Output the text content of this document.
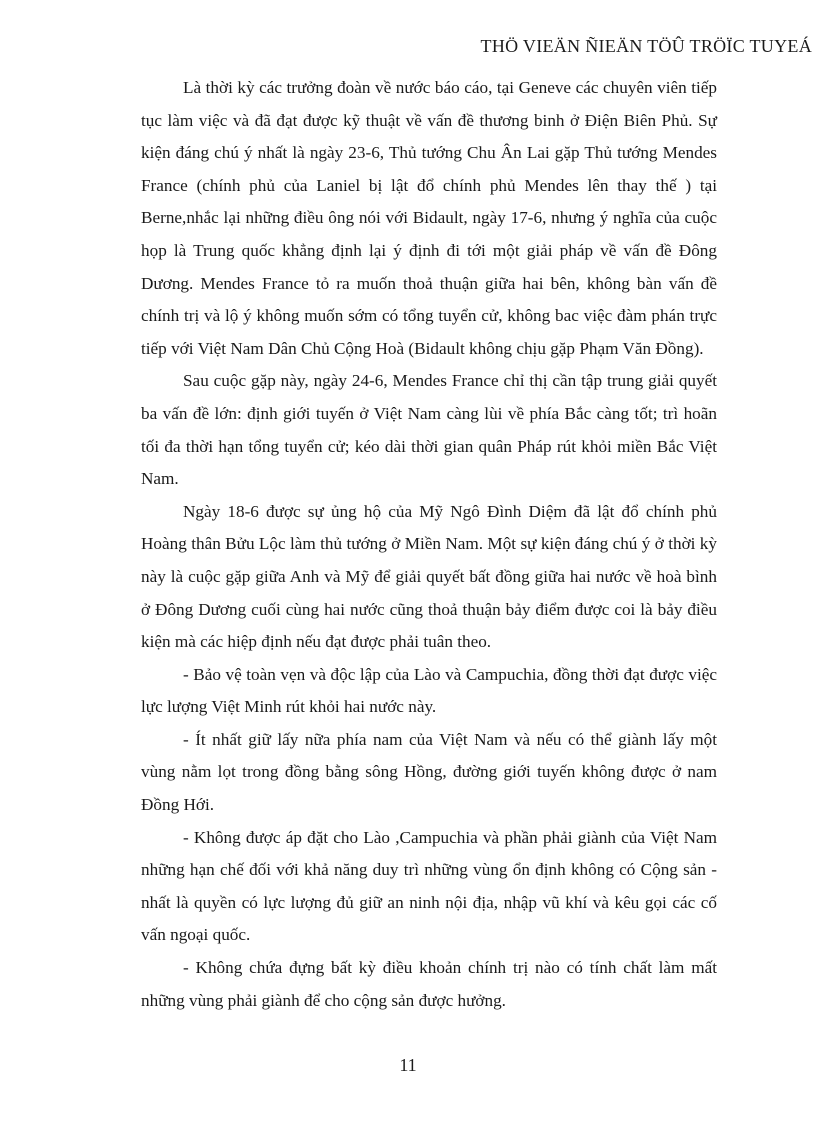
THÖ VIEÄN ÑIEÄN TÖÛ TRÖÏC TUYEÁ

Là thời kỳ các trưởng đoàn về nước báo cáo, tại Geneve các chuyên viên tiếp tục làm việc và đã đạt được kỹ thuật về vấn đề thương binh ở Điện Biên Phủ. Sự kiện đáng chú ý nhất là ngày 23-6, Thủ tướng Chu Ân Lai gặp Thủ tướng Mendes France (chính phủ của Laniel bị lật đổ chính phủ Mendes lên thay thế ) tại Berne,nhắc lại những điều ông nói với Bidault, ngày 17-6, nhưng ý nghĩa của cuộc họp là Trung quốc khẳng định lại ý định đi tới một giải pháp về vấn đề Đông Dương. Mendes France tỏ ra muốn thoả thuận giữa hai bên, không bàn vấn đề chính trị và lộ ý không muốn sớm có tổng tuyển cử, không bac việc đàm phán trực tiếp với Việt Nam Dân Chủ Cộng Hoà (Bidault không chịu gặp Phạm Văn Đồng).

Sau cuộc gặp này, ngày 24-6, Mendes France chỉ thị cần tập trung giải quyết ba vấn đề lớn: định giới tuyến ở Việt Nam càng lùi về phía Bắc càng tốt; trì hoãn tối đa thời hạn tổng tuyển cử; kéo dài thời gian quân Pháp rút khỏi miền Bắc Việt Nam.

Ngày 18-6 được sự ủng hộ của Mỹ Ngô Đình Diệm đã lật đổ chính phủ Hoàng thân Bửu Lộc làm thủ tướng ở Miền Nam. Một sự kiện đáng chú ý ở thời kỳ này là cuộc gặp giữa Anh và Mỹ để giải quyết bất đồng giữa hai nước về hoà bình ở Đông Dương cuối cùng hai nước cũng thoả thuận bảy điểm được coi là bảy điều kiện mà các hiệp định nếu đạt được phải tuân theo.

- Bảo vệ toàn vẹn và độc lập của Lào và Campuchia, đồng thời đạt được việc lực lượng Việt Minh rút khỏi hai nước này.

- Ít nhất giữ lấy nữa phía nam của Việt Nam và nếu có thể giành lấy một vùng nằm lọt trong đồng bằng sông Hồng, đường giới tuyến không được ở nam Đồng Hới.

- Không được áp đặt cho Lào ,Campuchia và phần phải giành của Việt Nam những hạn chế đối với khả năng duy trì những vùng ổn định không có Cộng sản -nhất là quyền có lực lượng đủ giữ an ninh nội địa, nhập vũ khí và kêu gọi các cố vấn ngoại quốc.

- Không chứa đựng bất kỳ điều khoản chính trị nào có tính chất làm mất những vùng phải giành để cho cộng sản được hưởng.

11
